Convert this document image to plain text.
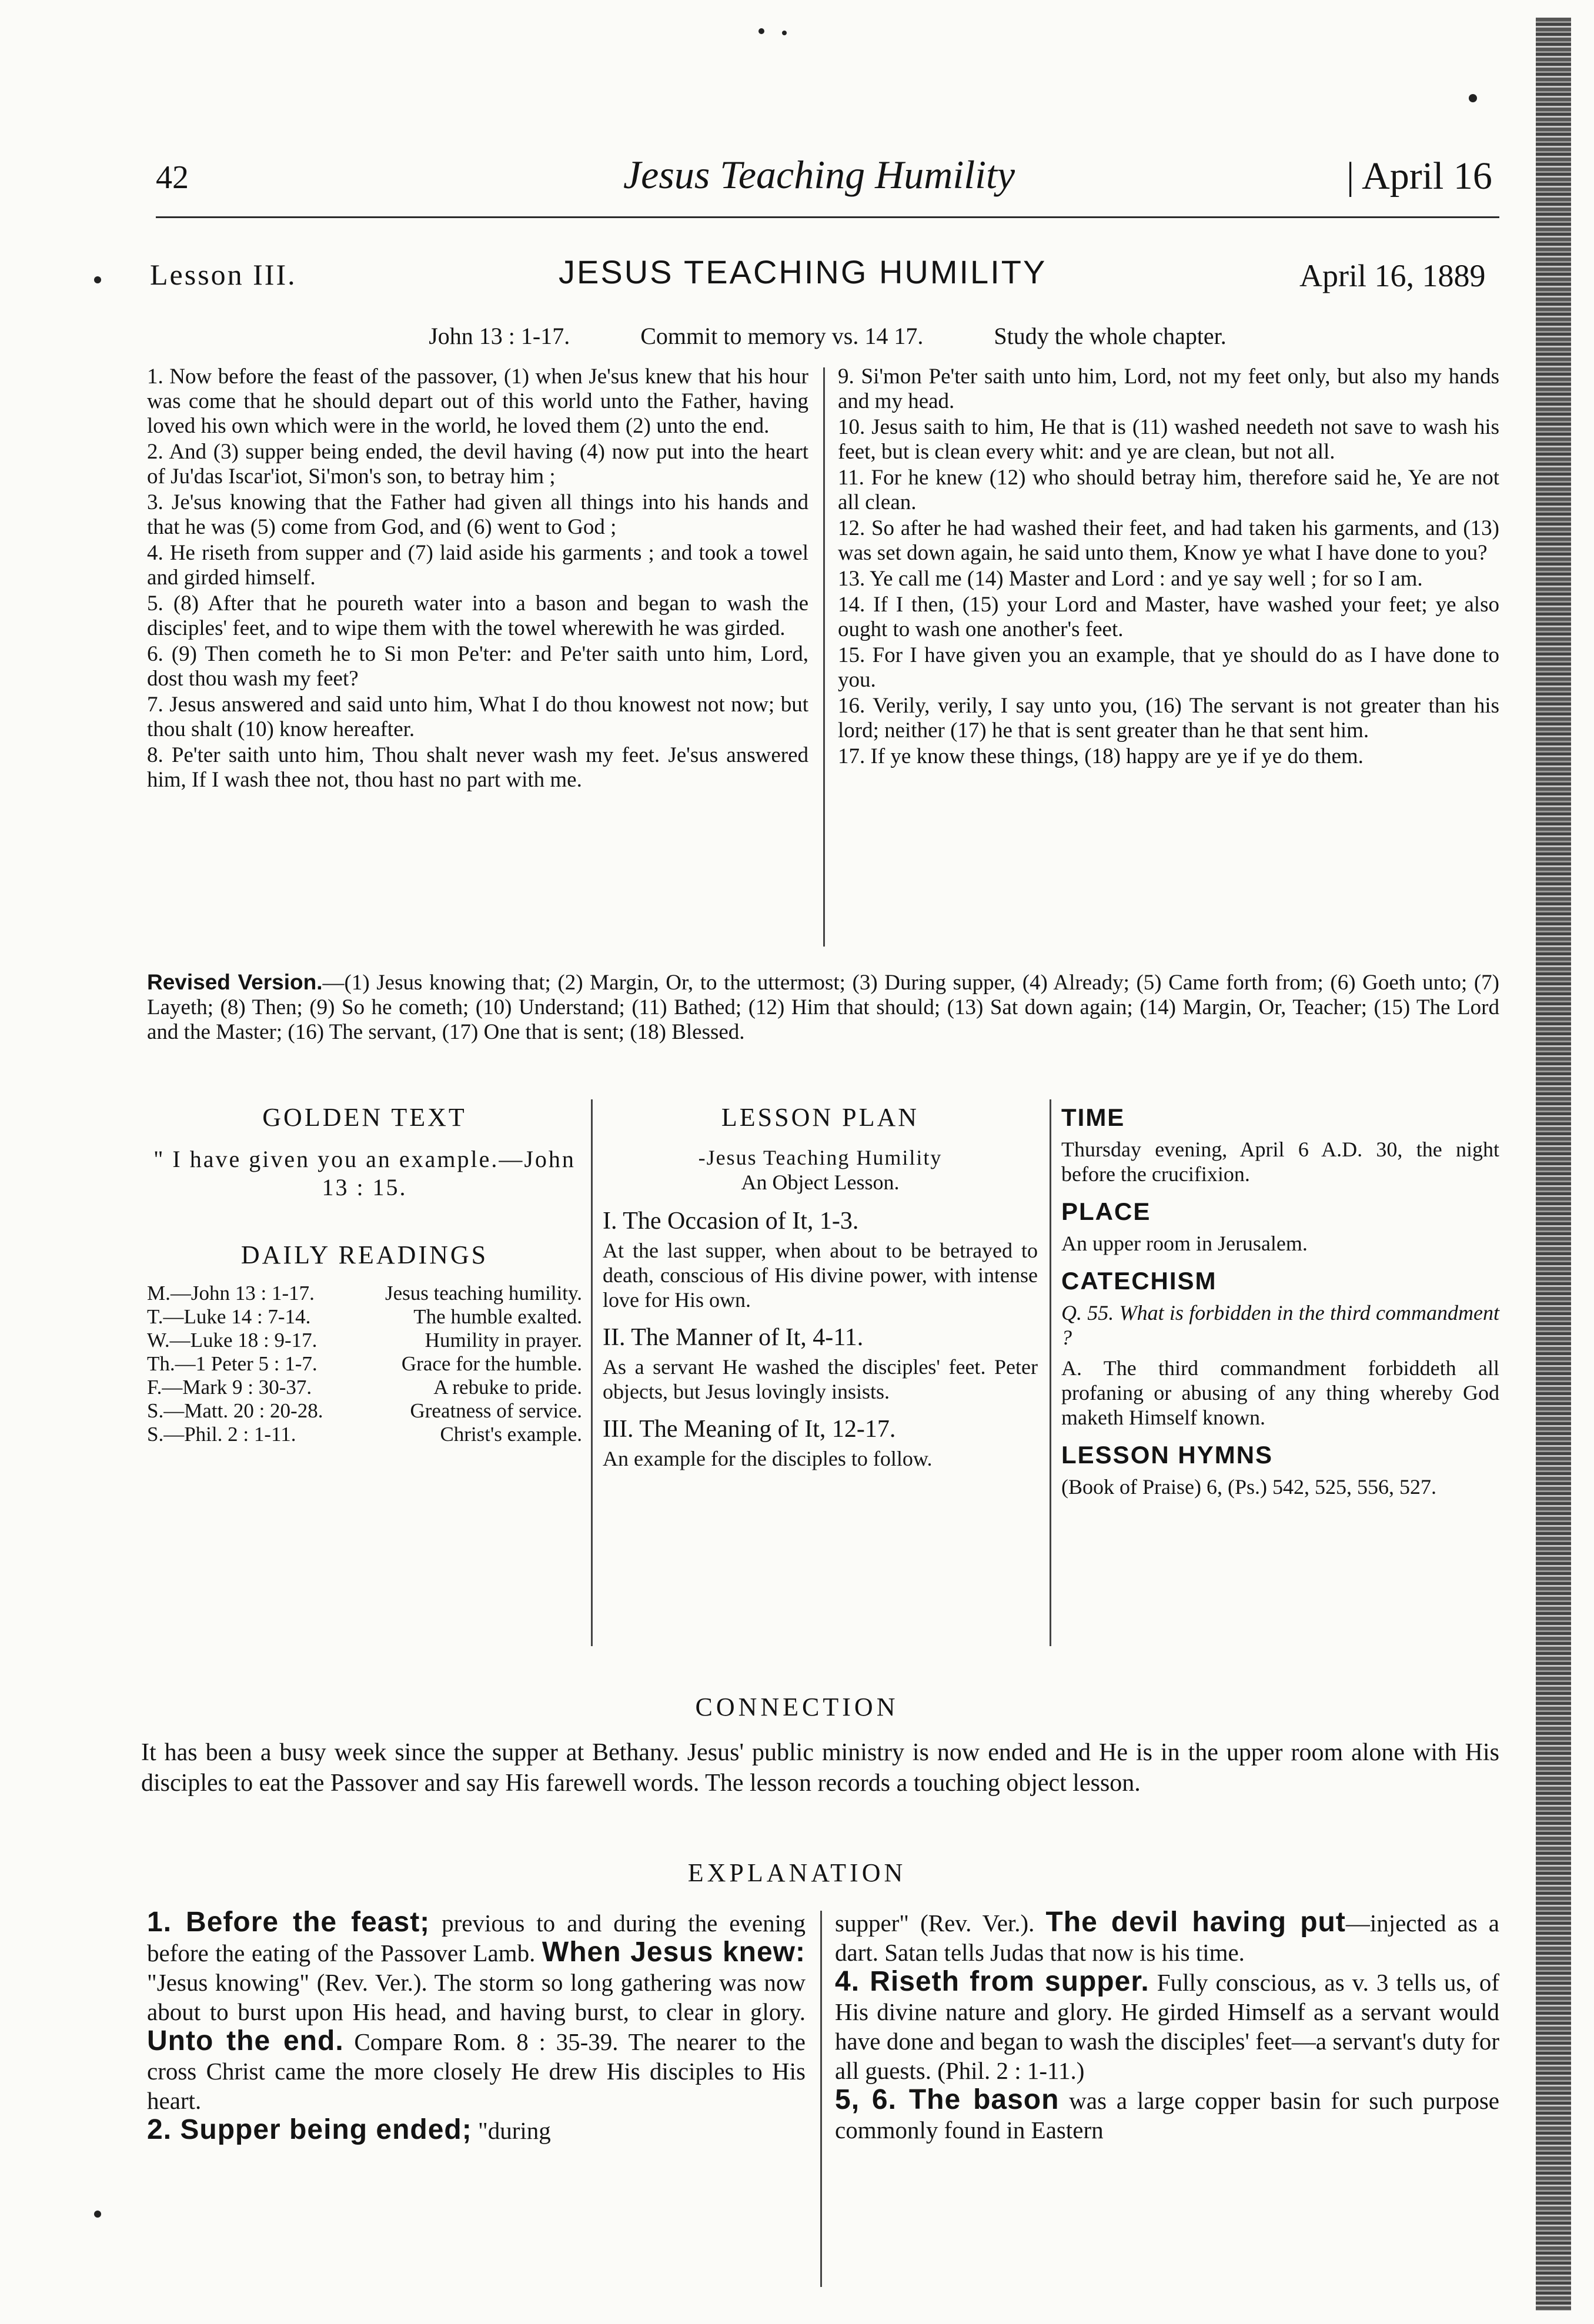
42	Jesus Teaching Humility	| April 16
Lesson III.	JESUS TEACHING HUMILITY	April 16, 1889
John 13 : 1-17.	Commit to memory vs. 14 17.	Study the whole chapter.

1. Now before the feast of the passover, (1) when Je'sus knew that his hour was come that he should depart out of this world unto the Father, having loved his own which were in the world, he loved them (2) unto the end.

2. And (3) supper being ended, the devil having (4) now put into the heart of Ju'das Iscar'iot, Si'mon's son, to betray him ;

3. Je'sus knowing that the Father had given all things into his hands and that he was (5) come from God, and (6) went to God ;

4. He riseth from supper and (7) laid aside his garments ; and took a towel and girded himself.

5. (8) After that he poureth water into a bason and began to wash the disciples' feet, and to wipe them with the towel wherewith he was girded.

6. (9) Then cometh he to Si mon Pe'ter: and Pe'ter saith unto him, Lord, dost thou wash my feet?

7. Jesus answered and said unto him, What I do thou knowest not now; but thou shalt (10) know hereafter.

8. Pe'ter saith unto him, Thou shalt never wash my feet. Je'sus answered him, If I wash thee not, thou hast no part with me.

9. Si'mon Pe'ter saith unto him, Lord, not my feet only, but also my hands and my head.

10. Jesus saith to him, He that is (11) washed needeth not save to wash his feet, but is clean every whit: and ye are clean, but not all.

11. For he knew (12) who should betray him, therefore said he, Ye are not all clean.

12. So after he had washed their feet, and had taken his garments, and (13) was set down again, he said unto them, Know ye what I have done to you?

13. Ye call me (14) Master and Lord : and ye say well ; for so I am.

14. If I then, (15) your Lord and Master, have washed your feet; ye also ought to wash one another's feet.

15. For I have given you an example, that ye should do as I have done to you.

16. Verily, verily, I say unto you, (16) The servant is not greater than his lord; neither (17) he that is sent greater than he that sent him.

17. If ye know these things, (18) happy are ye if ye do them.

Revised Version.—(1) Jesus knowing that; (2) Margin, Or, to the uttermost; (3) During supper, (4) Already; (5) Came forth from; (6) Goeth unto; (7) Layeth; (8) Then; (9) So he cometh; (10) Understand; (11) Bathed; (12) Him that should; (13) Sat down again; (14) Margin, Or, Teacher; (15) The Lord and the Master; (16) The servant, (17) One that is sent; (18) Blessed.
GOLDEN TEXT
" I have given you an example.—John 13 : 15.
DAILY READINGS
M.—John 13 : 1-17.	Jesus teaching humility.
T.—Luke 14 : 7-14.	The humble exalted.
W.—Luke 18 : 9-17.	Humility in prayer.
Th.—1 Peter 5 : 1-7.	Grace for the humble.
F.—Mark 9 : 30-37.	A rebuke to pride.
S.—Matt. 20 : 20-28.	Greatness of service.
S.—Phil. 2 : 1-11.	Christ's example.
LESSON PLAN
-Jesus Teaching Humility
An Object Lesson.
I. The Occasion of It, 1-3.
At the last supper, when about to be betrayed to death, conscious of His divine power, with intense love for His own.
II. The Manner of It, 4-11.
As a servant He washed the disciples' feet. Peter objects, but Jesus lovingly insists.
III. The Meaning of It, 12-17.
An example for the disciples to follow.
TIME
Thursday evening, April 6 A.D. 30, the night before the crucifixion.
PLACE
An upper room in Jerusalem.
CATECHISM
Q. 55. What is forbidden in the third commandment ?
A. The third commandment forbiddeth all profaning or abusing of any thing whereby God maketh Himself known.
LESSON HYMNS
(Book of Praise) 6, (Ps.) 542, 525, 556, 527.
CONNECTION
It has been a busy week since the supper at Bethany. Jesus' public ministry is now ended and He is in the upper room alone with His disciples to eat the Passover and say His farewell words. The lesson records a touching object lesson.
EXPLANATION
1. Before the feast; previous to and during the evening before the eating of the Passover Lamb. When Jesus knew: "Jesus knowing" (Rev. Ver.). The storm so long gathering was now about to burst upon His head, and having burst, to clear in glory. Unto the end. Compare Rom. 8 : 35-39. The nearer to the cross Christ came the more closely He drew His disciples to His heart.
2. Supper being ended; "during
supper" (Rev. Ver.). The devil having put—injected as a dart. Satan tells Judas that now is his time.
4. Riseth from supper. Fully conscious, as v. 3 tells us, of His divine nature and glory. He girded Himself as a servant would have done and began to wash the disciples' feet—a servant's duty for all guests. (Phil. 2 : 1-11.)
5, 6. The bason was a large copper basin for such purpose commonly found in Eastern
